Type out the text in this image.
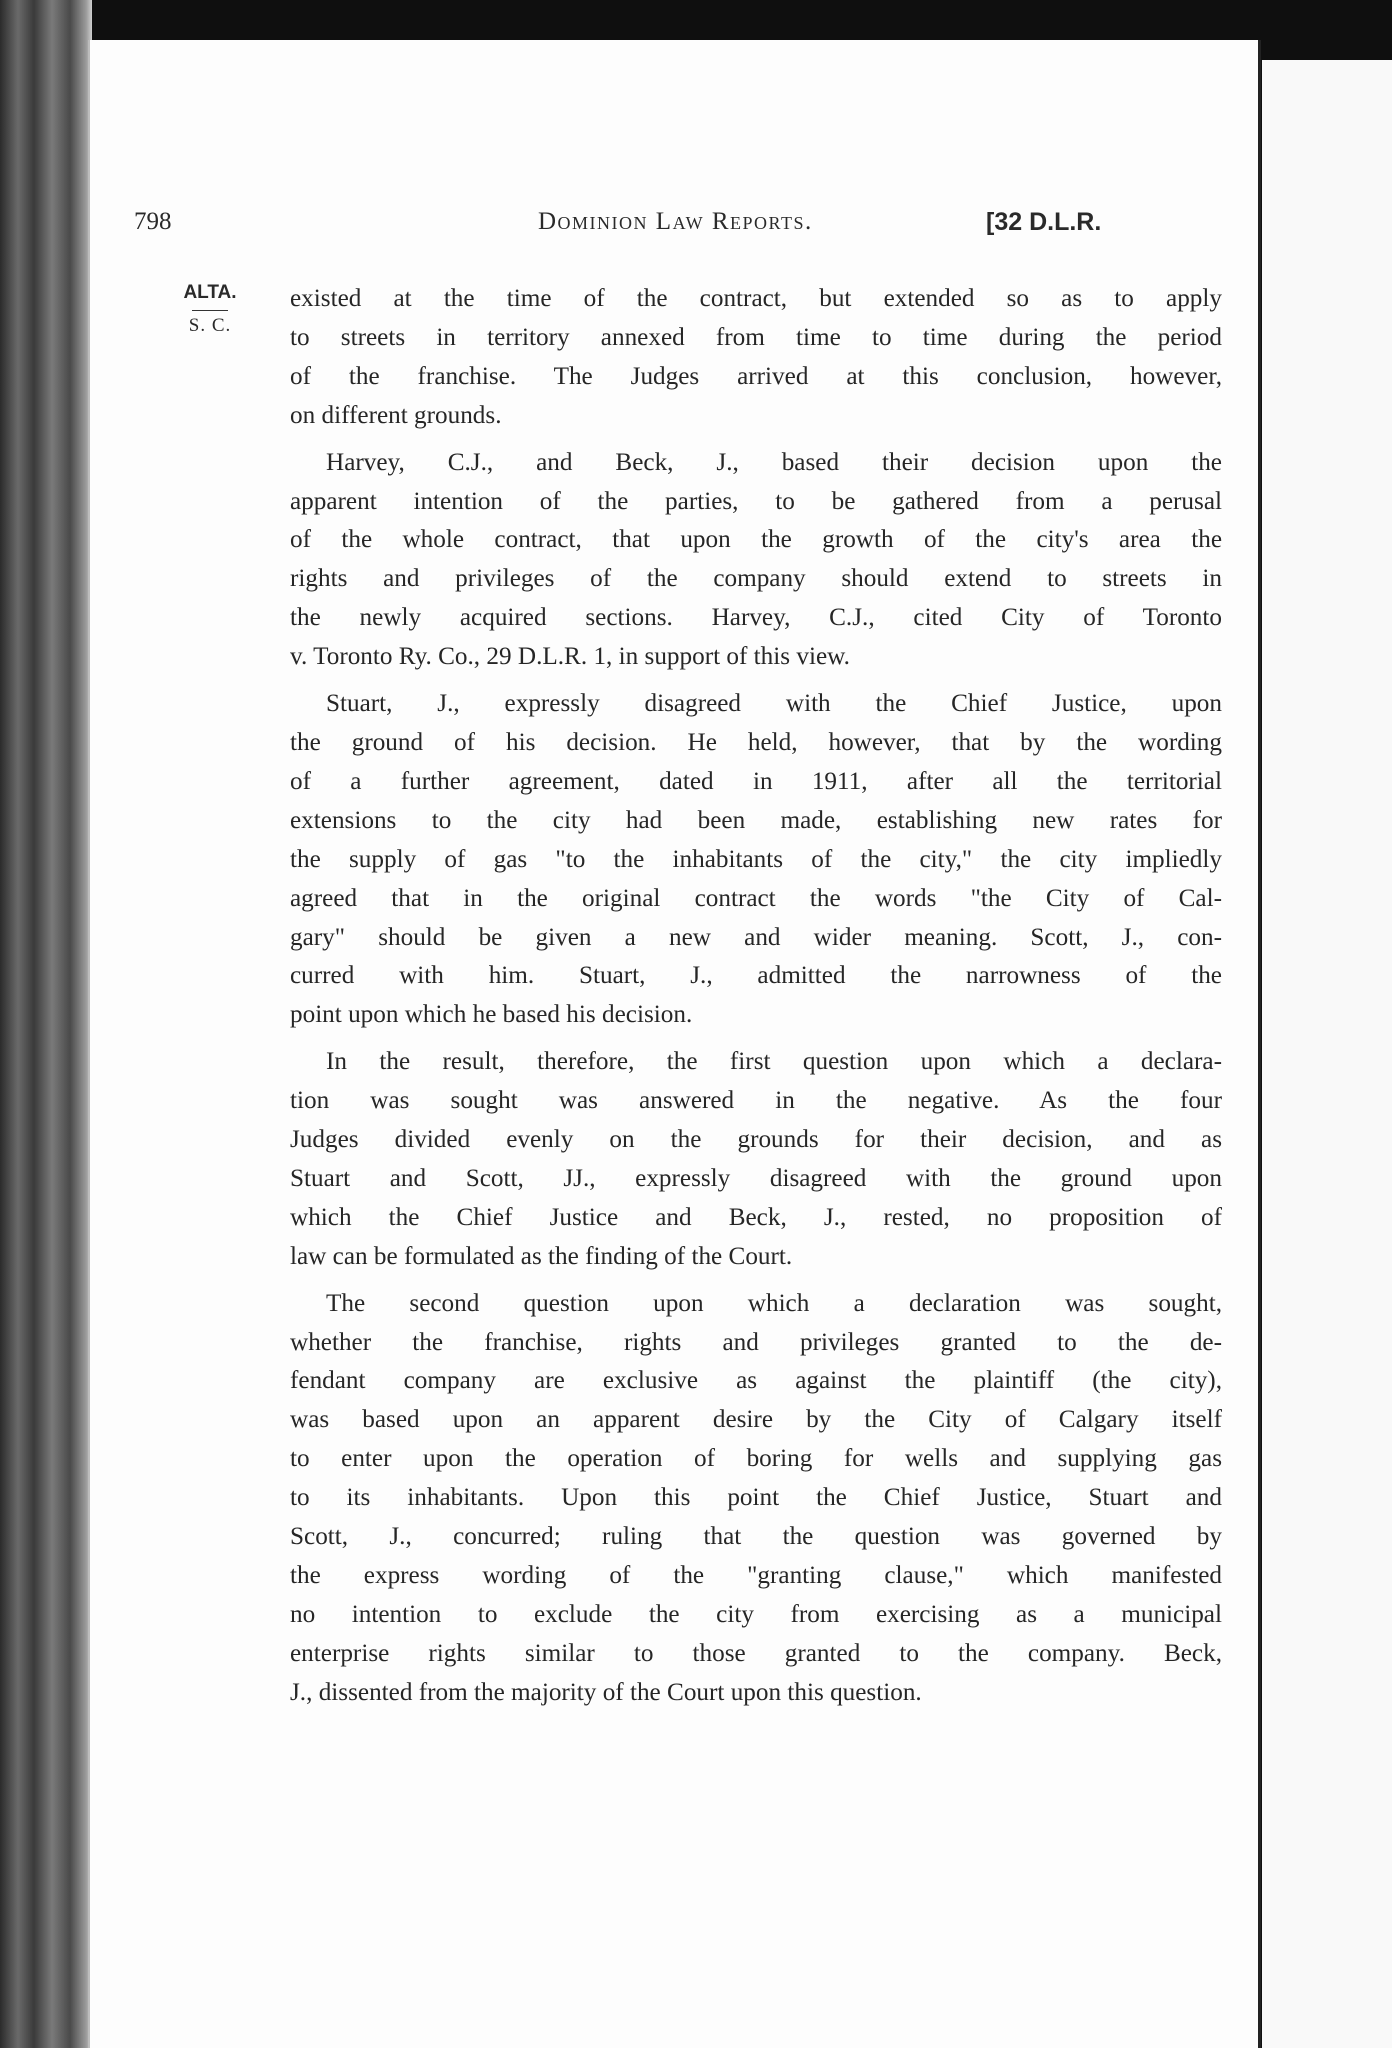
798	Dominion Law Reports.	[32 D.L.R.
ALTA.
S. C.
existed at the time of the contract, but extended so as to apply
to streets in territory annexed from time to time during the period
of the franchise. The Judges arrived at this conclusion, however,
on different grounds.
Harvey, C.J., and Beck, J., based their decision upon the
apparent intention of the parties, to be gathered from a perusal
of the whole contract, that upon the growth of the city's area the
rights and privileges of the company should extend to streets in
the newly acquired sections. Harvey, C.J., cited City of Toronto
v. Toronto Ry. Co., 29 D.L.R. 1, in support of this view.
Stuart, J., expressly disagreed with the Chief Justice, upon
the ground of his decision. He held, however, that by the wording
of a further agreement, dated in 1911, after all the territorial
extensions to the city had been made, establishing new rates for
the supply of gas "to the inhabitants of the city," the city impliedly
agreed that in the original contract the words "the City of Cal-
gary" should be given a new and wider meaning. Scott, J., con-
curred with him. Stuart, J., admitted the narrowness of the
point upon which he based his decision.
In the result, therefore, the first question upon which a declara-
tion was sought was answered in the negative. As the four
Judges divided evenly on the grounds for their decision, and as
Stuart and Scott, JJ., expressly disagreed with the ground upon
which the Chief Justice and Beck, J., rested, no proposition of
law can be formulated as the finding of the Court.
The second question upon which a declaration was sought,
whether the franchise, rights and privileges granted to the de-
fendant company are exclusive as against the plaintiff (the city),
was based upon an apparent desire by the City of Calgary itself
to enter upon the operation of boring for wells and supplying gas
to its inhabitants. Upon this point the Chief Justice, Stuart and
Scott, J., concurred; ruling that the question was governed by
the express wording of the "granting clause," which manifested
no intention to exclude the city from exercising as a municipal
enterprise rights similar to those granted to the company. Beck,
J., dissented from the majority of the Court upon this question.
